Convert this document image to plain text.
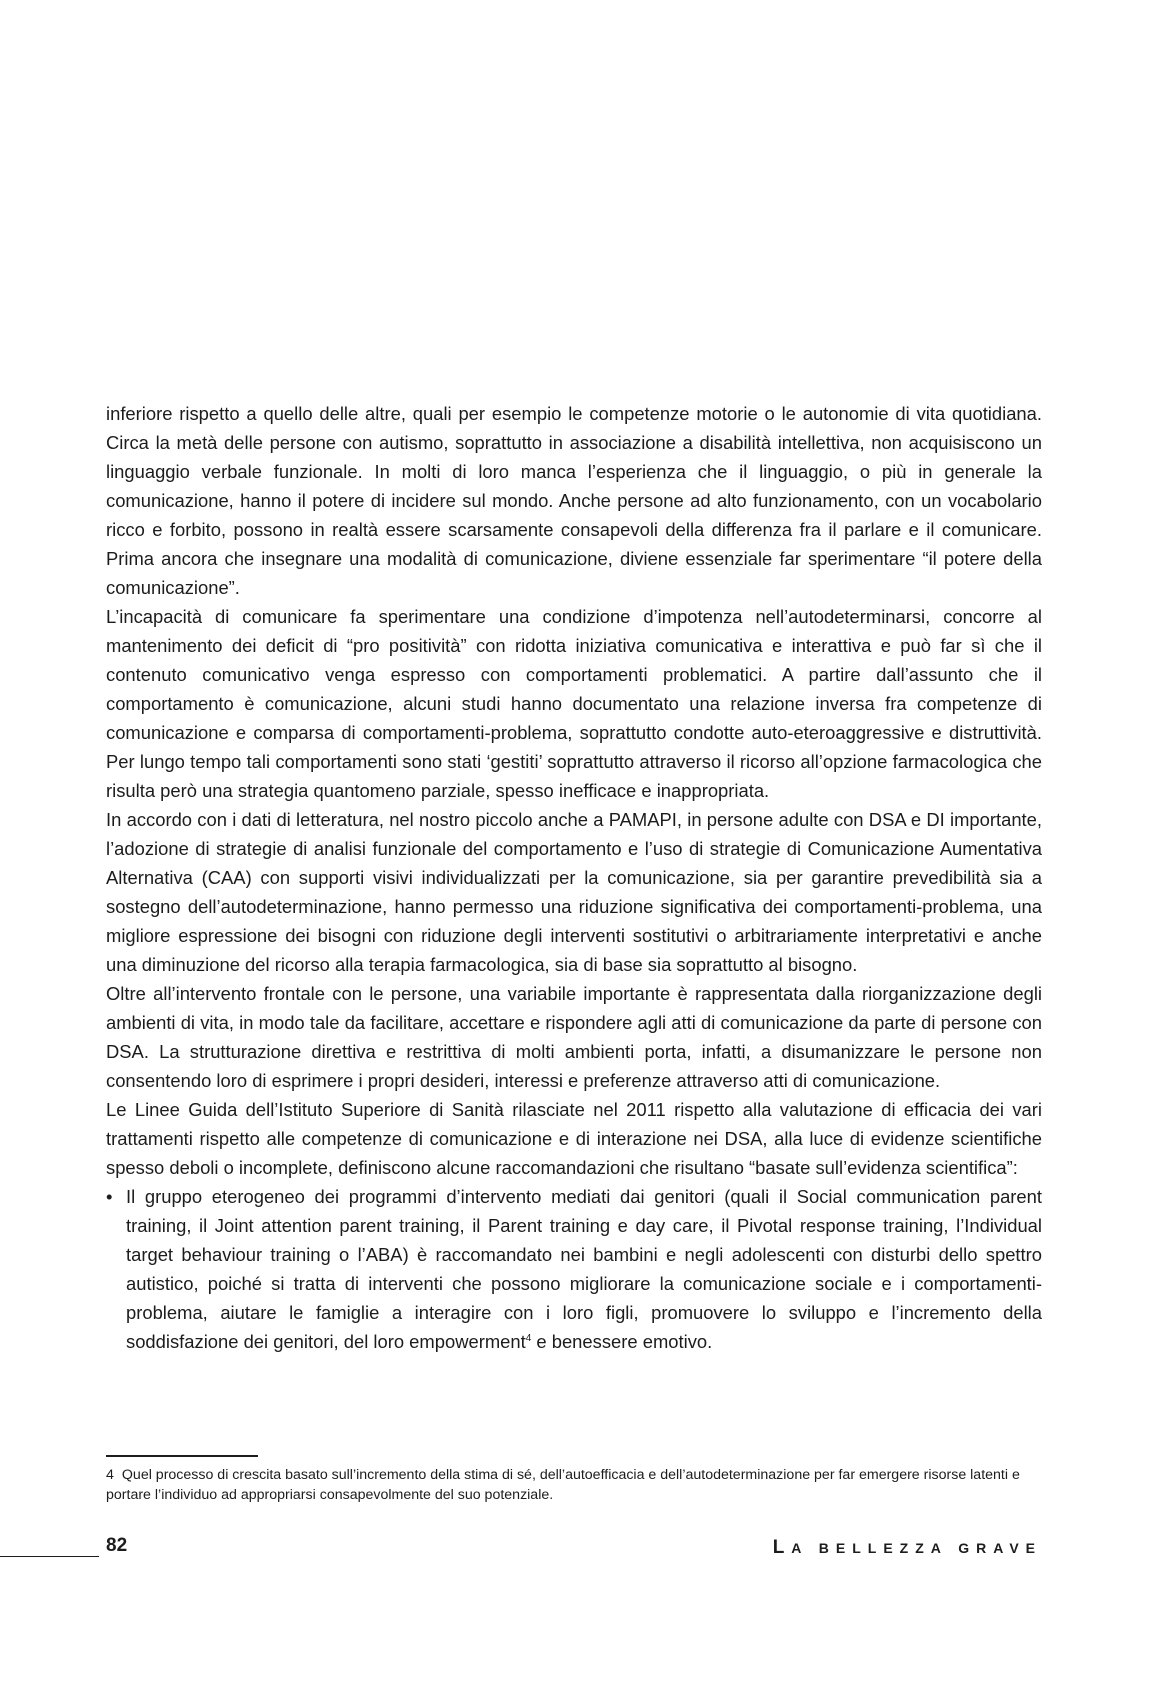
inferiore rispetto a quello delle altre, quali per esempio le competenze motorie o le autonomie di vita quotidiana. Circa la metà delle persone con autismo, soprattutto in associazione a disabilità intellettiva, non acquisiscono un linguaggio verbale funzionale. In molti di loro manca l’esperienza che il linguaggio, o più in generale la comunicazione, hanno il potere di incidere sul mondo. Anche persone ad alto funzionamento, con un vocabolario ricco e forbito, possono in realtà essere scarsamente consapevoli della differenza fra il parlare e il comunicare. Prima ancora che insegnare una modalità di comunicazione, diviene essenziale far sperimentare “il potere della comunicazione”.

L’incapacità di comunicare fa sperimentare una condizione d’impotenza nell’autodeterminarsi, concorre al mantenimento dei deficit di “pro positività” con ridotta iniziativa comunicativa e interattiva e può far sì che il contenuto comunicativo venga espresso con comportamenti problematici. A partire dall’assunto che il comportamento è comunicazione, alcuni studi hanno documentato una relazione inversa fra competenze di comunicazione e comparsa di comportamenti-problema, soprattutto condotte auto-eteroaggressive e distruttività. Per lungo tempo tali comportamenti sono stati ‘gestiti’ soprattutto attraverso il ricorso all’opzione farmacologica che risulta però una strategia quantomeno parziale, spesso inefficace e inappropriata.

In accordo con i dati di letteratura, nel nostro piccolo anche a PAMAPI, in persone adulte con DSA e DI importante, l’adozione di strategie di analisi funzionale del comportamento e l’uso di strategie di Comunicazione Aumentativa Alternativa (CAA) con supporti visivi individualizzati per la comunicazione, sia per garantire prevedibilità sia a sostegno dell’autodeterminazione, hanno permesso una riduzione significativa dei comportamenti-problema, una migliore espressione dei bisogni con riduzione degli interventi sostitutivi o arbitrariamente interpretativi e anche una diminuzione del ricorso alla terapia farmacologica, sia di base sia soprattutto al bisogno.

Oltre all’intervento frontale con le persone, una variabile importante è rappresentata dalla riorganizzazione degli ambienti di vita, in modo tale da facilitare, accettare e rispondere agli atti di comunicazione da parte di persone con DSA. La strutturazione direttiva e restrittiva di molti ambienti porta, infatti, a disumanizzare le persone non consentendo loro di esprimere i propri desideri, interessi e preferenze attraverso atti di comunicazione.

Le Linee Guida dell’Istituto Superiore di Sanità rilasciate nel 2011 rispetto alla valutazione di efficacia dei vari trattamenti rispetto alle competenze di comunicazione e di interazione nei DSA, alla luce di evidenze scientifiche spesso deboli o incomplete, definiscono alcune raccomandazioni che risultano “basate sull’evidenza scientifica”:

• Il gruppo eterogeneo dei programmi d’intervento mediati dai genitori (quali il Social communication parent training, il Joint attention parent training, il Parent training e day care, il Pivotal response training, l’Individual target behaviour training o l’ABA) è raccomandato nei bambini e negli adolescenti con disturbi dello spettro autistico, poiché si tratta di interventi che possono migliorare la comunicazione sociale e i comportamenti-problema, aiutare le famiglie a interagire con i loro figli, promuovere lo sviluppo e l’incremento della soddisfazione dei genitori, del loro empowerment$^4$ e benessere emotivo.
4 Quel processo di crescita basato sull’incremento della stima di sé, dell’autoefficacia e dell’autodeterminazione per far emergere risorse latenti e portare l’individuo ad appropriarsi consapevolmente del suo potenziale.
82	LA BELLEZZA GRAVE
